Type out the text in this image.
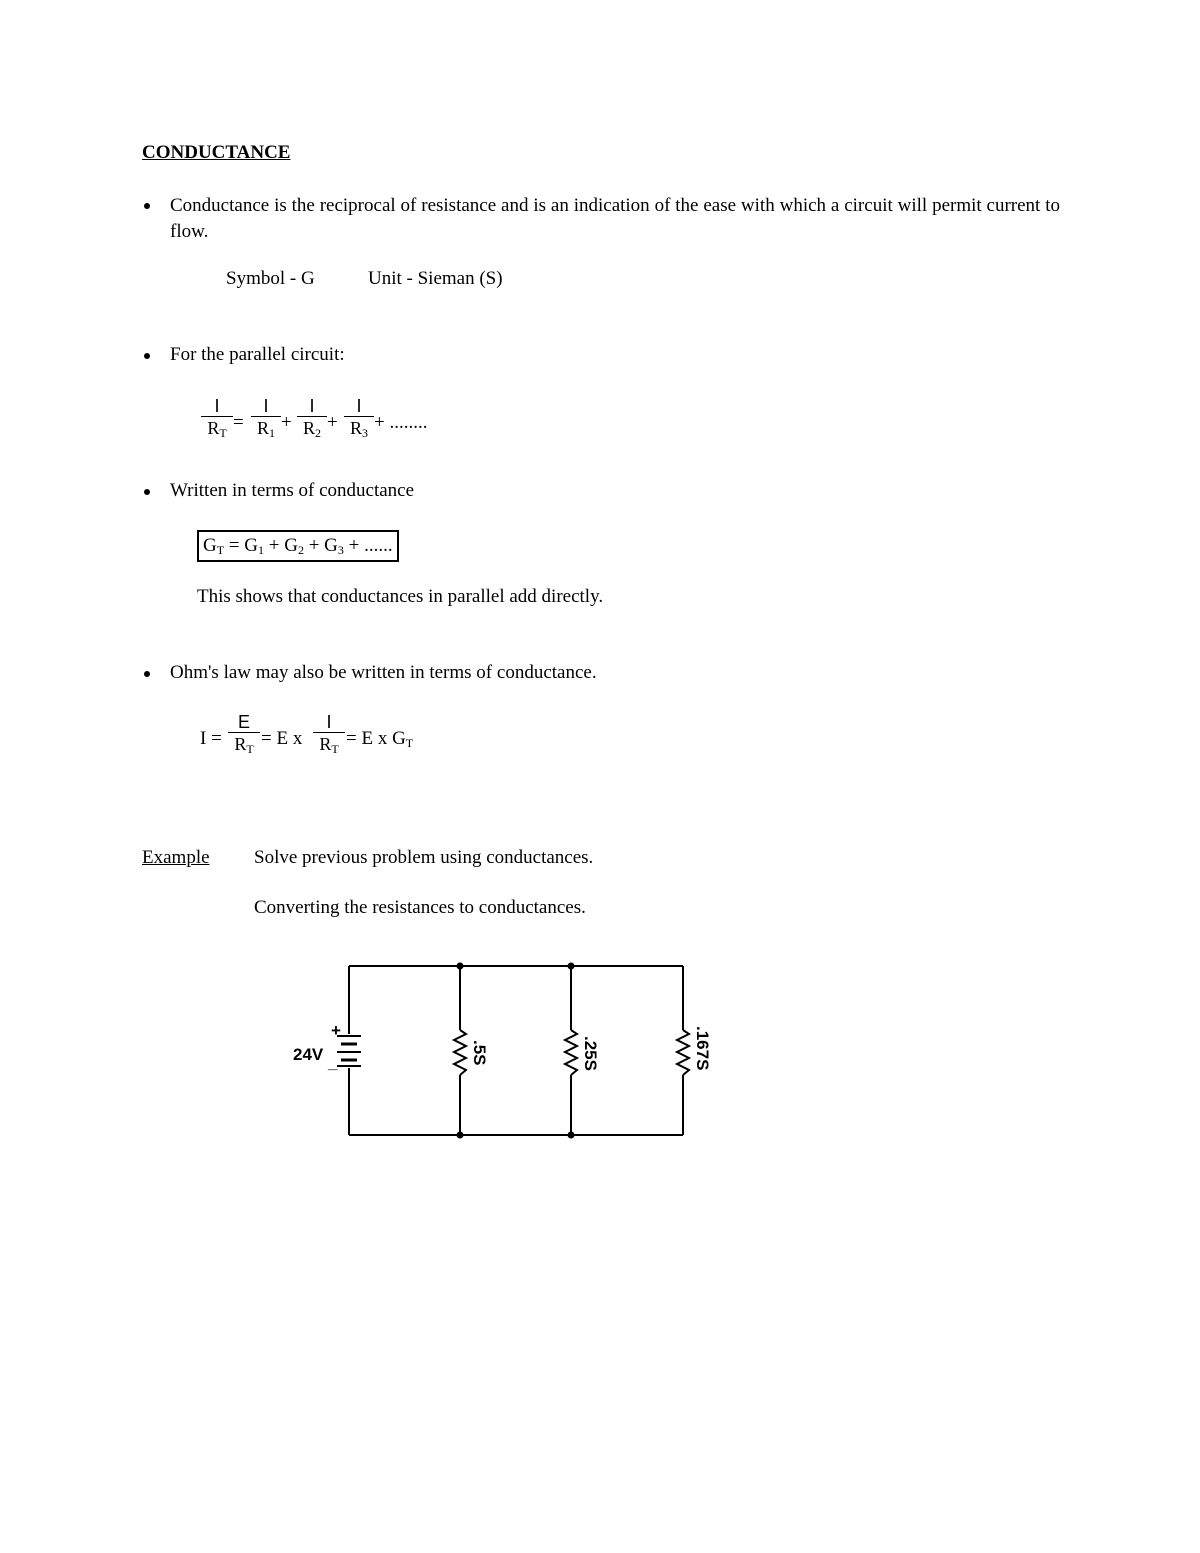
CONDUCTANCE
Conductance is the reciprocal of resistance and is an indication of the ease with which a circuit will permit current to flow.
Symbol - G	Unit - Sieman (S)
For the parallel circuit:
I
$R_T$ =
I
$R_1$ +
I
$R_2$ +
I
$R_3$ + ........
Written in terms of conductance
$G_T = G_1 + G_2 + G_3$ + ......
This shows that conductances in parallel add directly.
Ohm's law may also be written in terms of conductance.
I =
E
$R_T = E$ x
I
$R_T = E$ x $G_T$
Example Solve previous problem using conductances.
Converting the resistances to conductances.
24V
+
_	.5S	.25S	.167S
